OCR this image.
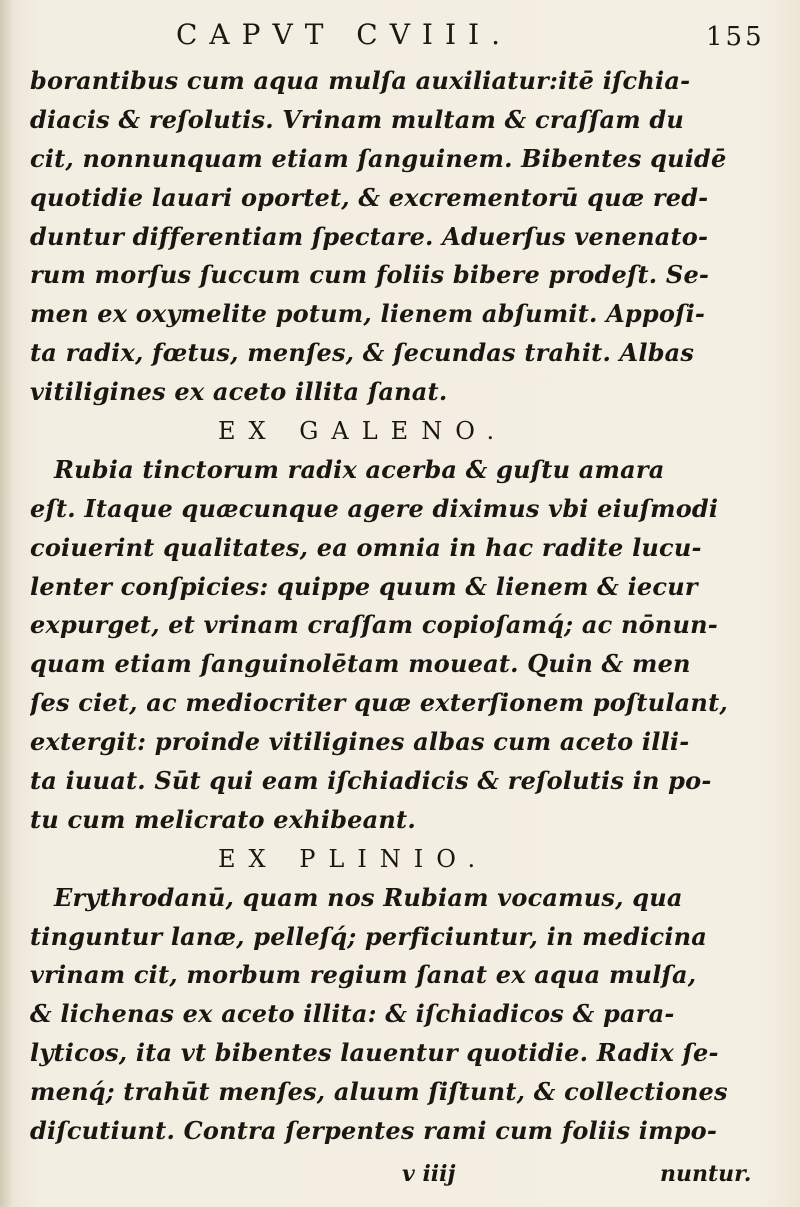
CAPVT CVIII.	155
borantibus cum aqua mulſa auxiliatur:itē iſchia-
diacis & reſolutis. Vrinam multam & craſſam du
cit, nonnunquam etiam ſanguinem. Bibentes quidē
quotidie lauari oportet, & excrementorū quæ red-
duntur differentiam ſpectare. Aduerſus venenato-
rum morſus ſuccum cum foliis bibere prodeſt. Se-
men ex oxymelite potum, lienem abſumit. Appoſi-
ta radix, fœtus, menſes, & ſecundas trahit. Albas
vitiligines ex aceto illita ſanat.
EX GALENO.
Rubia tinctorum radix acerba & guſtu amara
eſt. Itaque quæcunque agere diximus vbi eiuſmodi
coiuerint qualitates, ea omnia in hac radite lucu-
lenter conſpicies: quippe quum & lienem & iecur
expurget, et vrinam craſſam copioſamq́; ac nōnun-
quam etiam ſanguinolētam moueat. Quin & men
ſes ciet, ac mediocriter quæ exterſionem poſtulant,
extergit: proinde vitiligines albas cum aceto illi-
ta iuuat. Sūt qui eam iſchiadicis & reſolutis in po-
tu cum melicrato exhibeant.
EX PLINIO.
Erythrodanū, quam nos Rubiam vocamus, qua
tinguntur lanæ, pelleſq́; perficiuntur, in medicina
vrinam cit, morbum regium ſanat ex aqua mulſa,
& lichenas ex aceto illita: & iſchiadicos & para-
lyticos, ita vt bibentes lauentur quotidie. Radix ſe-
menq́; trahūt menſes, aluum ſiſtunt, & collectiones
diſcutiunt. Contra ſerpentes rami cum foliis impo-
v iiij	nuntur.
